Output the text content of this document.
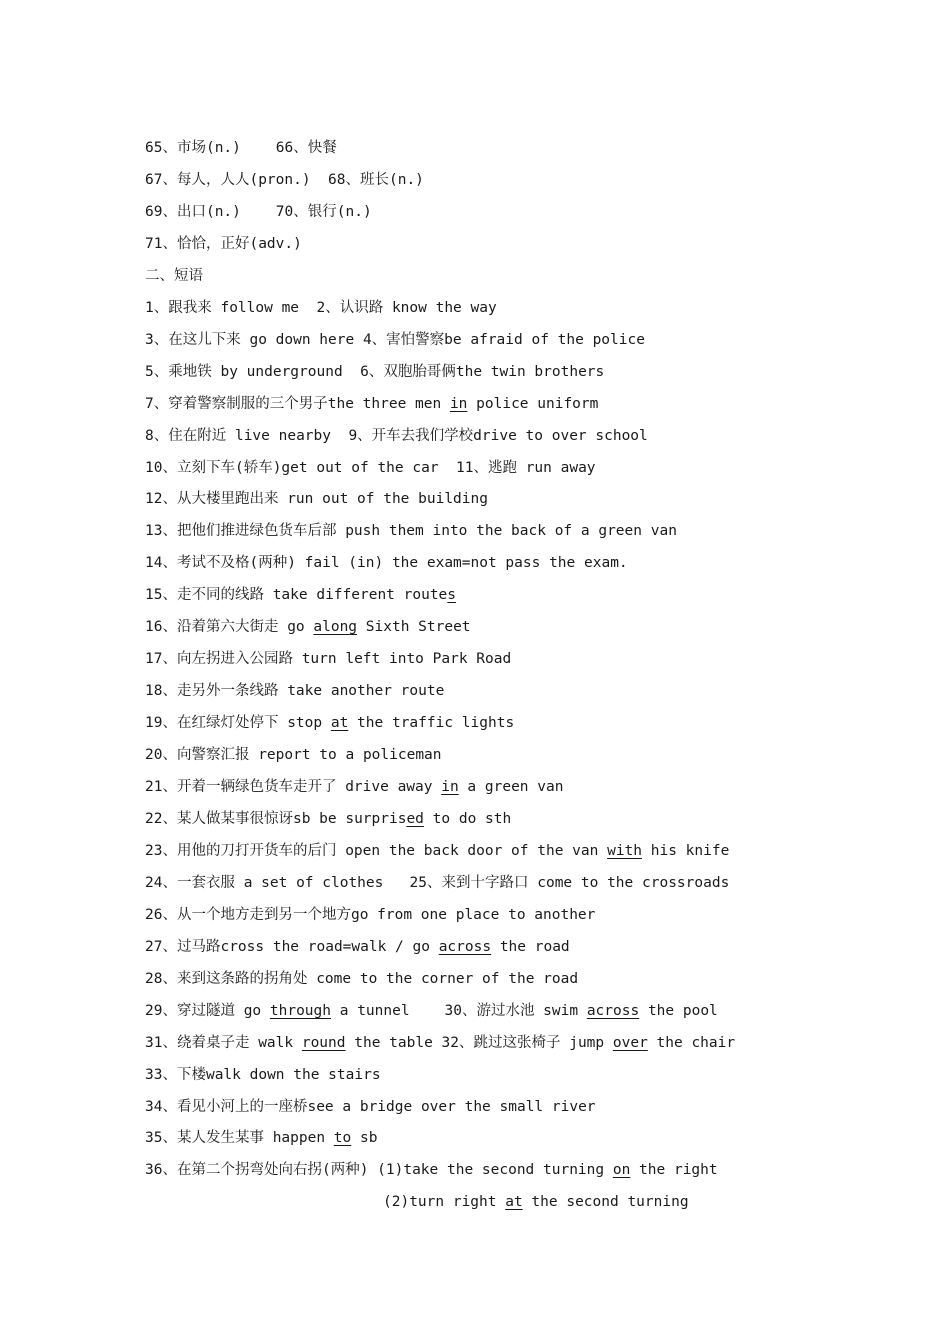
65、市场(n.)    66、快餐
67、每人，人人(pron.)  68、班长(n.)
69、出口(n.)    70、银行(n.)
71、恰恰，正好(adv.)
二、短语
1、跟我来 follow me  2、认识路 know the way
3、在这儿下来 go down here 4、害怕警察be afraid of the police
5、乘地铁 by underground  6、双胞胎哥俩the twin brothers
7、穿着警察制服的三个男子the three men in police uniform
8、住在附近 live nearby  9、开车去我们学校drive to over school
10、立刻下车(轿车)get out of the car  11、逃跑 run away
12、从大楼里跑出来 run out of the building
13、把他们推进绿色货车后部 push them into the back of a green van
14、考试不及格(两种) fail (in) the exam=not pass the exam.
15、走不同的线路 take different routes
16、沿着第六大街走 go along Sixth Street
17、向左拐进入公园路 turn left into Park Road
18、走另外一条线路 take another route
19、在红绿灯处停下 stop at the traffic lights
20、向警察汇报 report to a policeman
21、开着一辆绿色货车走开了 drive away in a green van
22、某人做某事很惊讶sb be surprised to do sth
23、用他的刀打开货车的后门 open the back door of the van with his knife
24、一套衣服 a set of clothes   25、来到十字路口 come to the crossroads
26、从一个地方走到另一个地方go from one place to another
27、过马路cross the road=walk / go across the road
28、来到这条路的拐角处 come to the corner of the road
29、穿过隧道 go through a tunnel    30、游过水池 swim across the pool
31、绕着桌子走 walk round the table 32、跳过这张椅子 jump over the chair
33、下楼walk down the stairs
34、看见小河上的一座桥see a bridge over the small river
35、某人发生某事 happen to sb
36、在第二个拐弯处向右拐(两种) (1)take the second turning on the right
(2)turn right at the second turning
